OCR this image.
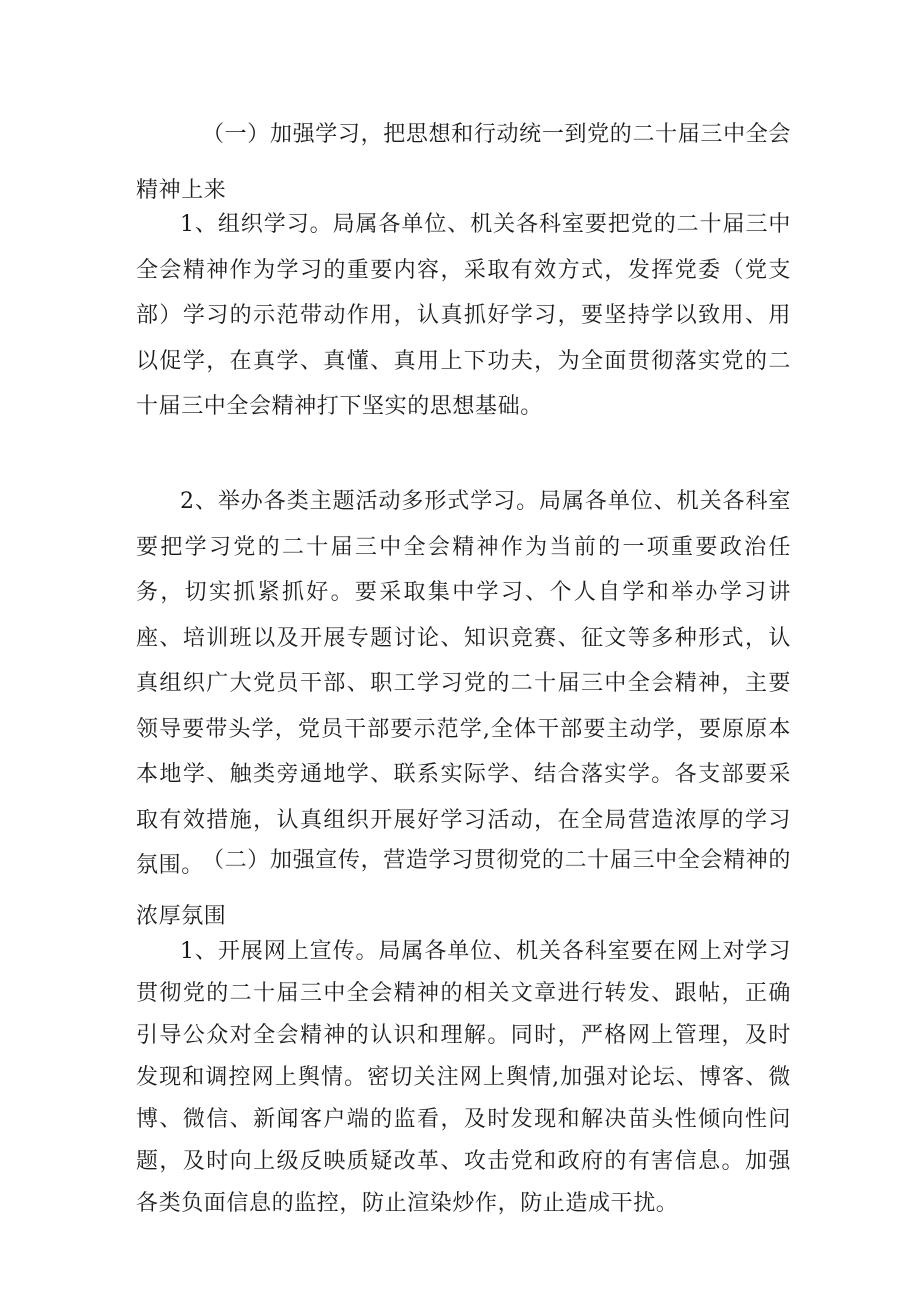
（一）加强学习，把思想和行动统一到党的二十届三中全会精神上来
1、组织学习。局属各单位、机关各科室要把党的二十届三中全会精神作为学习的重要内容，采取有效方式，发挥党委（党支部）学习的示范带动作用，认真抓好学习，要坚持学以致用、用以促学，在真学、真懂、真用上下功夫，为全面贯彻落实党的二十届三中全会精神打下坚实的思想基础。
2、举办各类主题活动多形式学习。局属各单位、机关各科室要把学习党的二十届三中全会精神作为当前的一项重要政治任务，切实抓紧抓好。要采取集中学习、个人自学和举办学习讲座、培训班以及开展专题讨论、知识竞赛、征文等多种形式，认真组织广大党员干部、职工学习党的二十届三中全会精神，主要领导要带头学，党员干部要示范学,全体干部要主动学，要原原本本地学、触类旁通地学、联系实际学、结合落实学。各支部要采取有效措施，认真组织开展好学习活动，在全局营造浓厚的学习氛围。
（二）加强宣传，营造学习贯彻党的二十届三中全会精神的浓厚氛围
1、开展网上宣传。局属各单位、机关各科室要在网上对学习贯彻党的二十届三中全会精神的相关文章进行转发、跟帖，正确引导公众对全会精神的认识和理解。同时，严格网上管理，及时发现和调控网上舆情。密切关注网上舆情,加强对论坛、博客、微博、微信、新闻客户端的监看，及时发现和解决苗头性倾向性问题，及时向上级反映质疑改革、攻击党和政府的有害信息。加强各类负面信息的监控，防止渲染炒作，防止造成干扰。
